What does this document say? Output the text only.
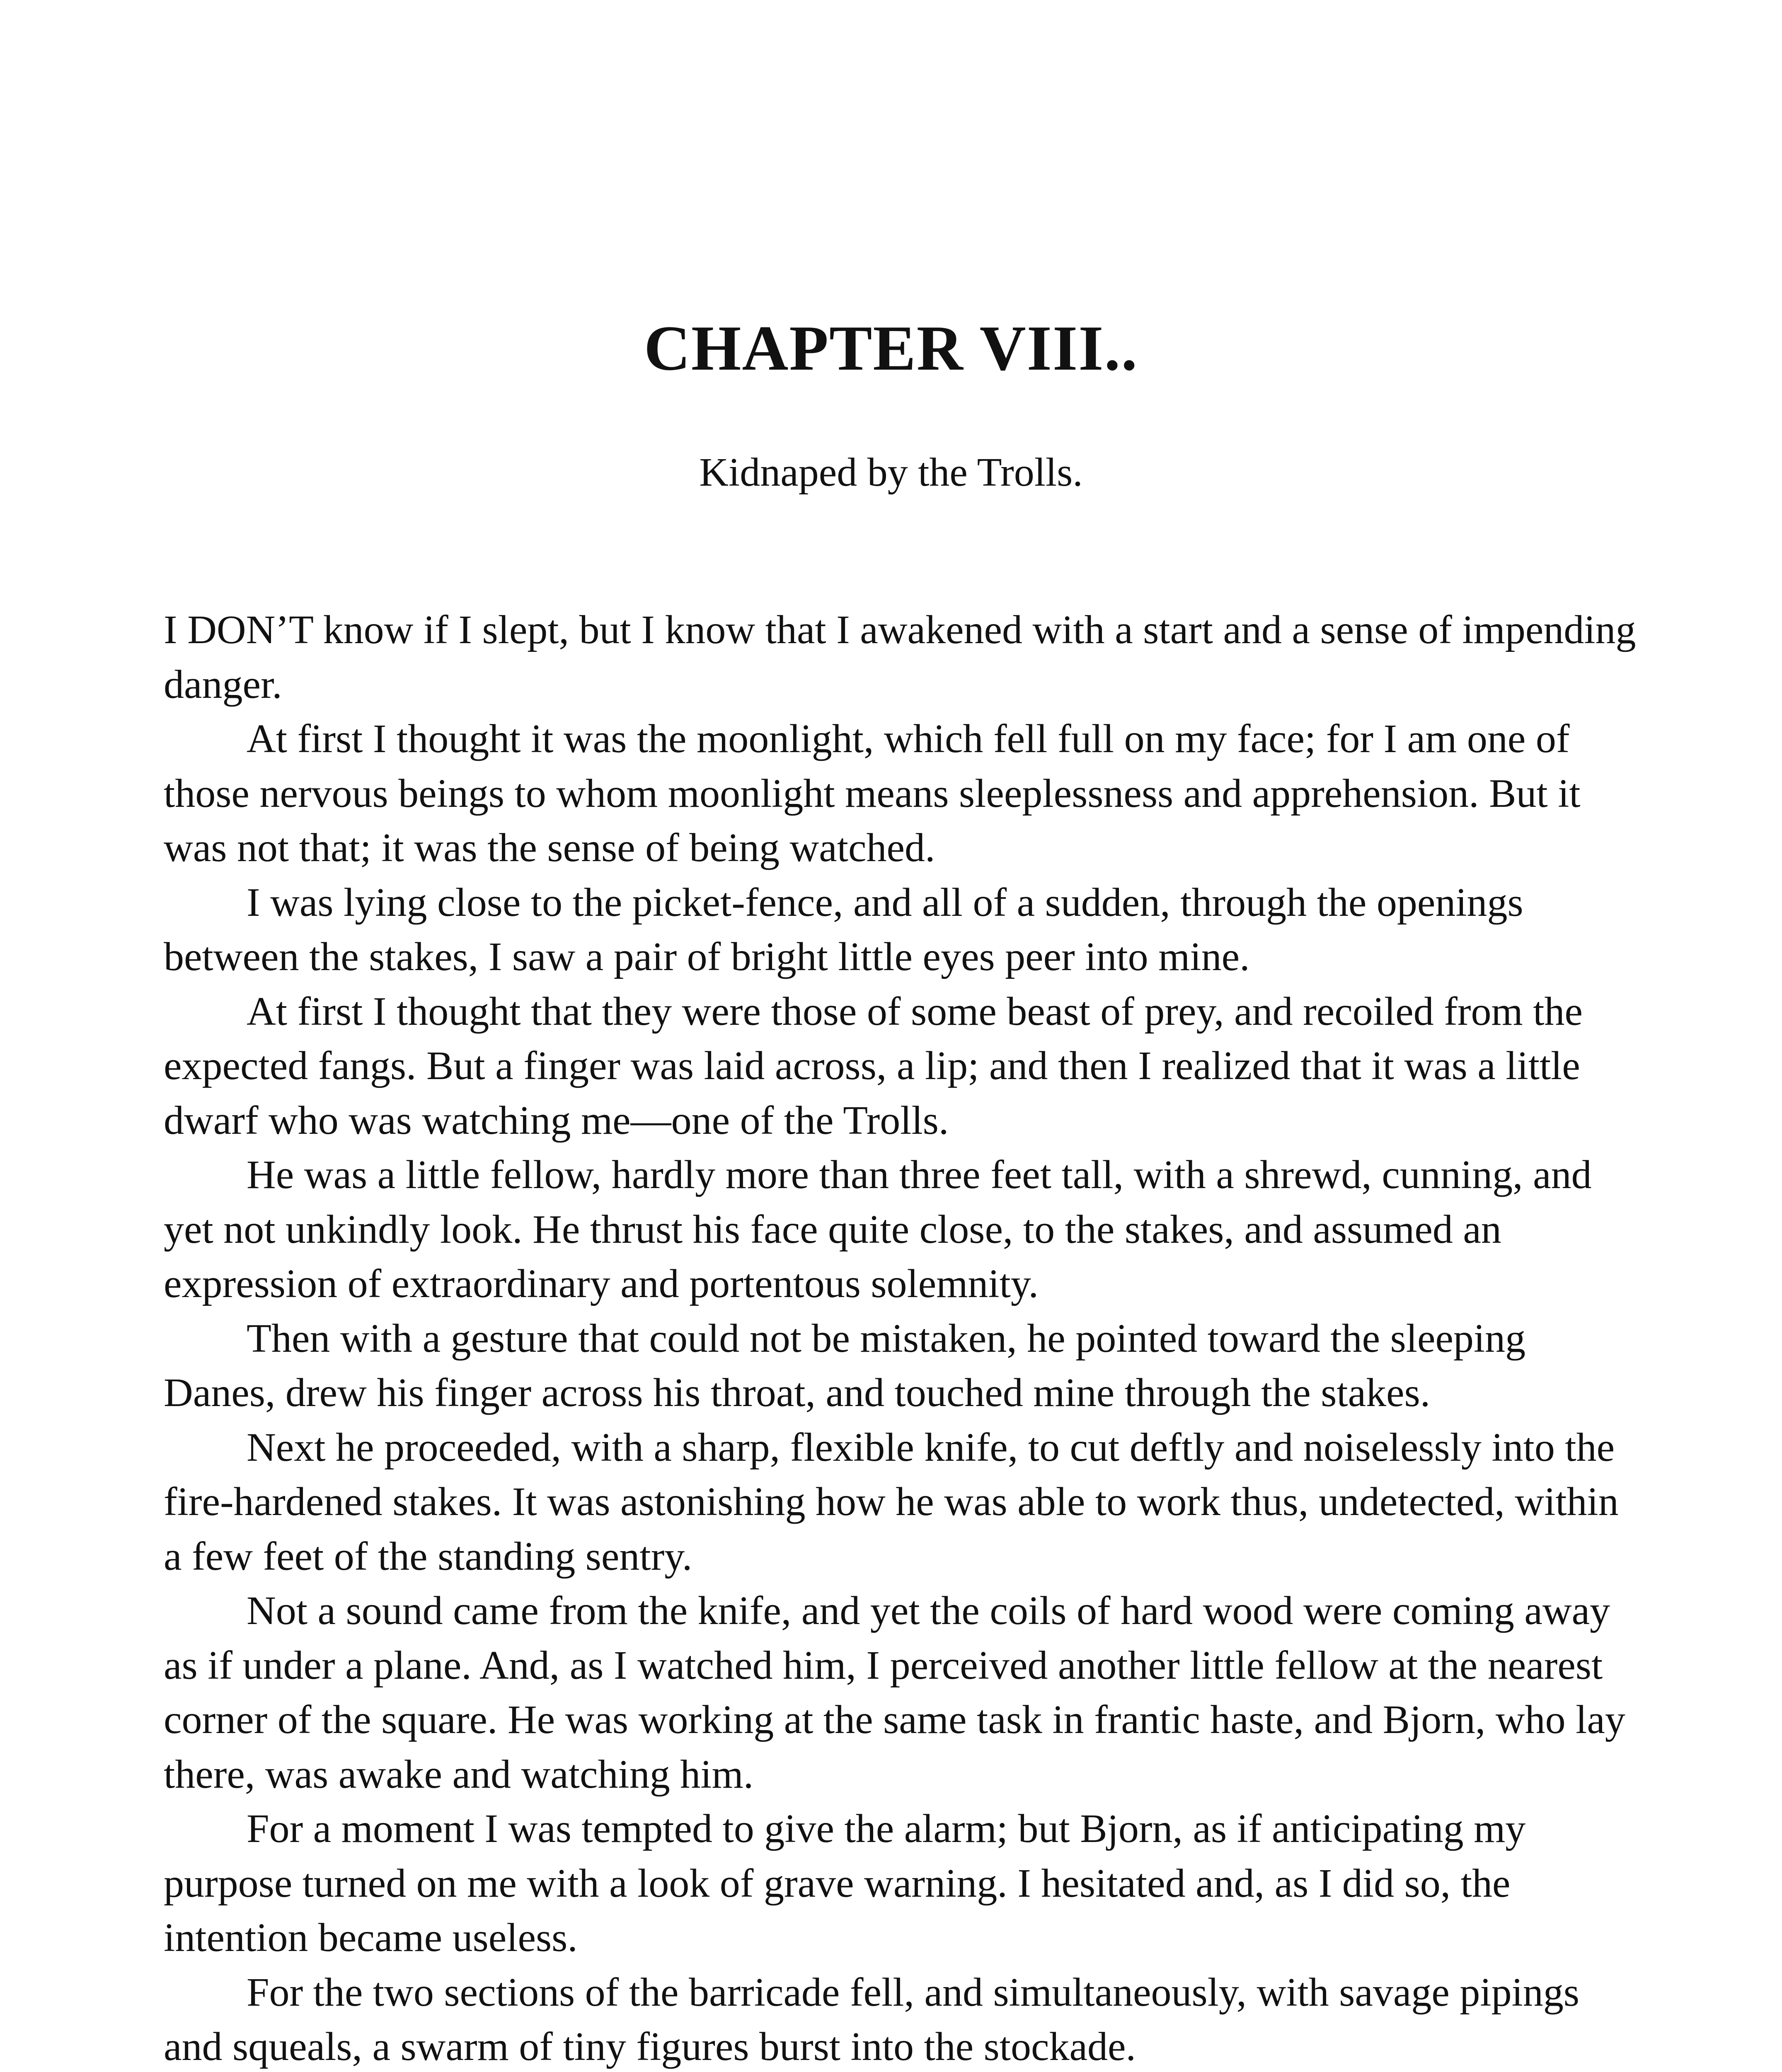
CHAPTER VIII..
Kidnaped by the Trolls.

I DON’T know if I slept, but I know that I awakened with a start and a sense of impending danger.

At first I thought it was the moonlight, which fell full on my face; for I am one of those nervous beings to whom moonlight means sleeplessness and apprehension. But it was not that; it was the sense of being watched.

I was lying close to the picket-fence, and all of a sudden, through the openings between the stakes, I saw a pair of bright little eyes peer into mine.

At first I thought that they were those of some beast of prey, and recoiled from the expected fangs. But a finger was laid across, a lip; and then I realized that it was a little dwarf who was watching me—one of the Trolls.

He was a little fellow, hardly more than three feet tall, with a shrewd, cunning, and yet not unkindly look. He thrust his face quite close, to the stakes, and assumed an expression of extraordinary and portentous solemnity.

Then with a gesture that could not be mistaken, he pointed toward the sleeping Danes, drew his finger across his throat, and touched mine through the stakes.

Next he proceeded, with a sharp, flexible knife, to cut deftly and noiselessly into the fire-hardened stakes. It was astonishing how he was able to work thus, undetected, within a few feet of the standing sentry.

Not a sound came from the knife, and yet the coils of hard wood were coming away as if under a plane. And, as I watched him, I perceived another little fellow at the nearest corner of the square. He was working at the same task in frantic haste, and Bjorn, who lay there, was awake and watching him.

For a moment I was tempted to give the alarm; but Bjorn, as if anticipating my purpose turned on me with a look of grave warning. I hesitated and, as I did so, the intention became useless.

For the two sections of the barricade fell, and simultaneously, with savage pipings and squeals, a swarm of tiny figures burst into the stockade.
